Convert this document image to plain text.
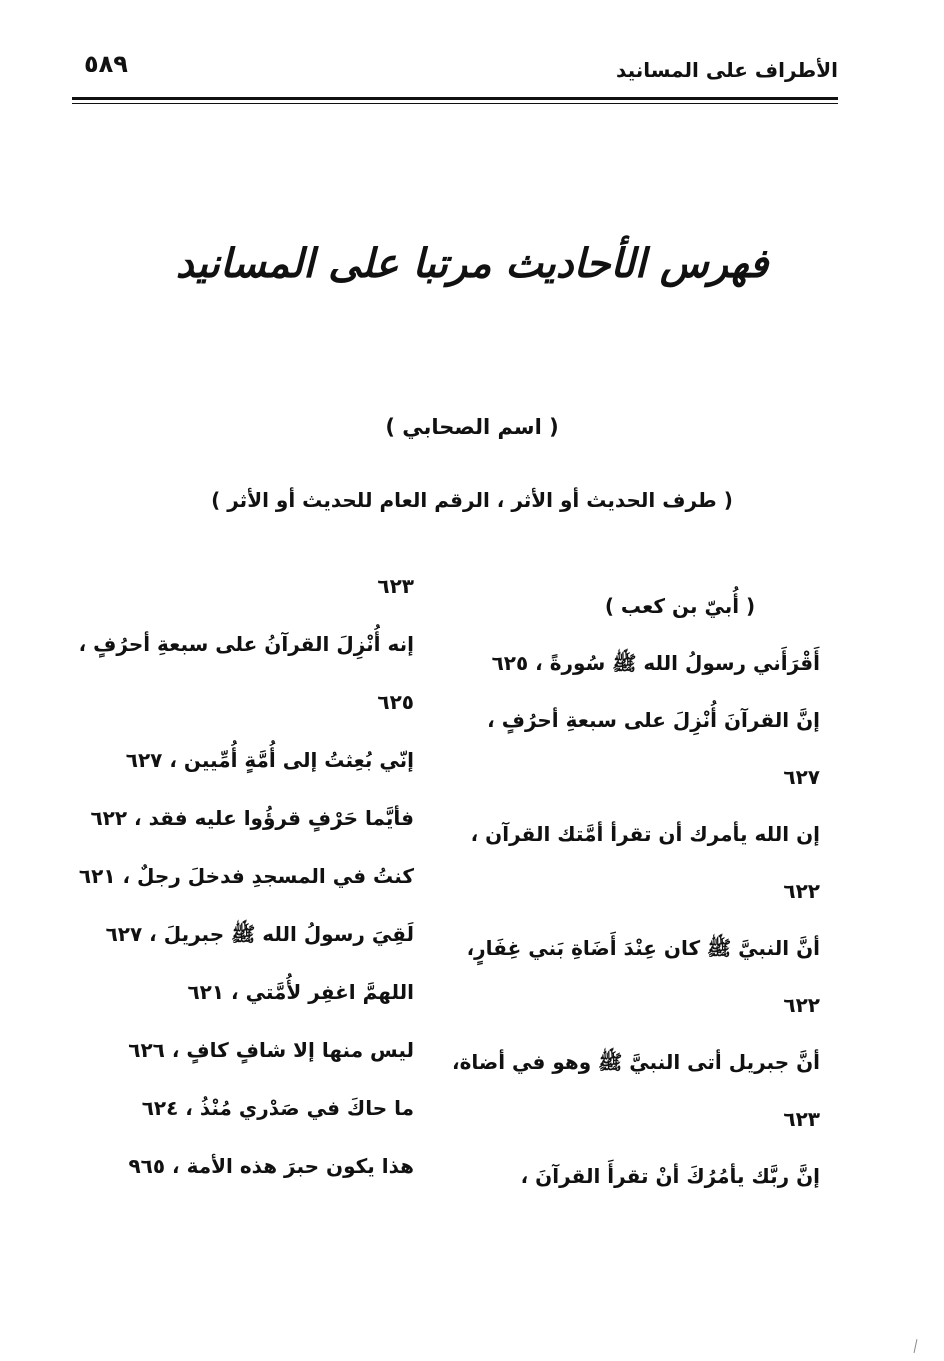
٥٨٩	الأطراف على المسانيد
فهرس الأحاديث مرتبا على المسانيد
( اسم الصحابي )
( طرف الحديث أو الأثر ، الرقم العام للحديث أو الأثر )
( أُبيّ بن كعب )
أَقْرَأَني رسولُ الله ﷺ سُورةً ، ٦٢٥
إنَّ القرآنَ أُنْزِلَ على سبعةِ أحرُفٍ ،
٦٢٧
إن الله يأمرك أن تقرأ أمَّتك القرآن ،
٦٢٢
أنَّ النبيَّ ﷺ كان عِنْدَ أَضَاةِ بَني غِفَارٍ،
٦٢٢
أنَّ جبريل أتى النبيَّ ﷺ وهو في أضاة،
٦٢٣
إنَّ ربَّك يأمُرُكَ أنْ تقرأَ القرآنَ ،
٦٢٣
إنه أُنْزِلَ القرآنُ على سبعةِ أحرُفٍ ،
٦٢٥
إنّي بُعِثتُ إلى أُمَّةٍ أُمِّيين ، ٦٢٧
فأيَّما حَرْفٍ قرؤُوا عليه فقد ، ٦٢٢
كنتُ في المسجدِ فدخلَ رجلٌ ، ٦٢١
لَقِيَ رسولُ الله ﷺ جبريلَ ، ٦٢٧
اللهمَّ اغفِر لأُمَّتي ، ٦٢١
ليس منها إلا شافٍ كافٍ ، ٦٢٦
ما حاكَ في صَدْري مُنْذُ ، ٦٢٤
هذا يكون حبرَ هذه الأمة ، ٩٦٥
